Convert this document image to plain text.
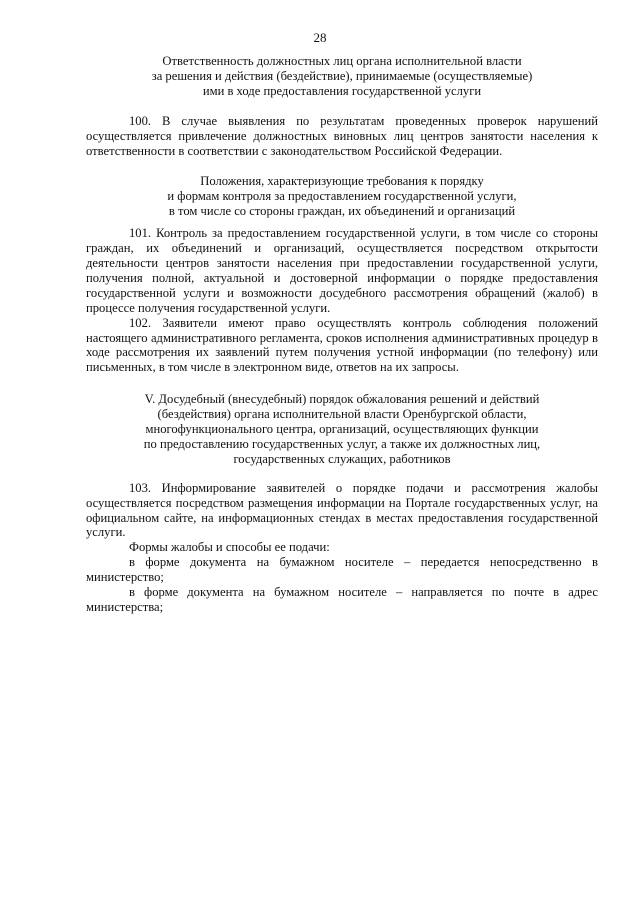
28
Ответственность должностных лиц органа исполнительной власти
за решения и действия (бездействие), принимаемые (осуществляемые)
ими в ходе предоставления государственной услуги

100. В случае выявления по результатам проведенных проверок нарушений осуществляется привлечение должностных виновных лиц центров занятости населения к ответственности в соответствии с законодательством Российской Федерации.

Положения, характеризующие требования к порядку
и формам контроля за предоставлением государственной услуги,
в том числе со стороны граждан, их объединений и организаций

101. Контроль за предоставлением государственной услуги, в том числе со стороны граждан, их объединений и организаций, осуществляется посредством открытости деятельности центров занятости населения при предоставлении государственной услуги, получения полной, актуальной и достоверной информации о порядке предоставления государственной услуги и возможности досудебного рассмотрения обращений (жалоб) в процессе получения государственной услуги.

102. Заявители имеют право осуществлять контроль соблюдения положений настоящего административного регламента, сроков исполнения административных процедур в ходе рассмотрения их заявлений путем получения устной информации (по телефону) или письменных, в том числе в электронном виде, ответов на их запросы.

V. Досудебный (внесудебный) порядок обжалования решений и действий
(бездействия) органа исполнительной власти Оренбургской области,
многофункционального центра, организаций, осуществляющих функции
по предоставлению государственных услуг, а также их должностных лиц,
государственных служащих, работников

103. Информирование заявителей о порядке подачи и рассмотрения жалобы осуществляется посредством размещения информации на Портале государственных услуг, на официальном сайте, на информационных стендах в местах предоставления государственной услуги.

Формы жалобы и способы ее подачи:

в форме документа на бумажном носителе – передается непосредственно в министерство;

в форме документа на бумажном носителе – направляется по почте в адрес министерства;
